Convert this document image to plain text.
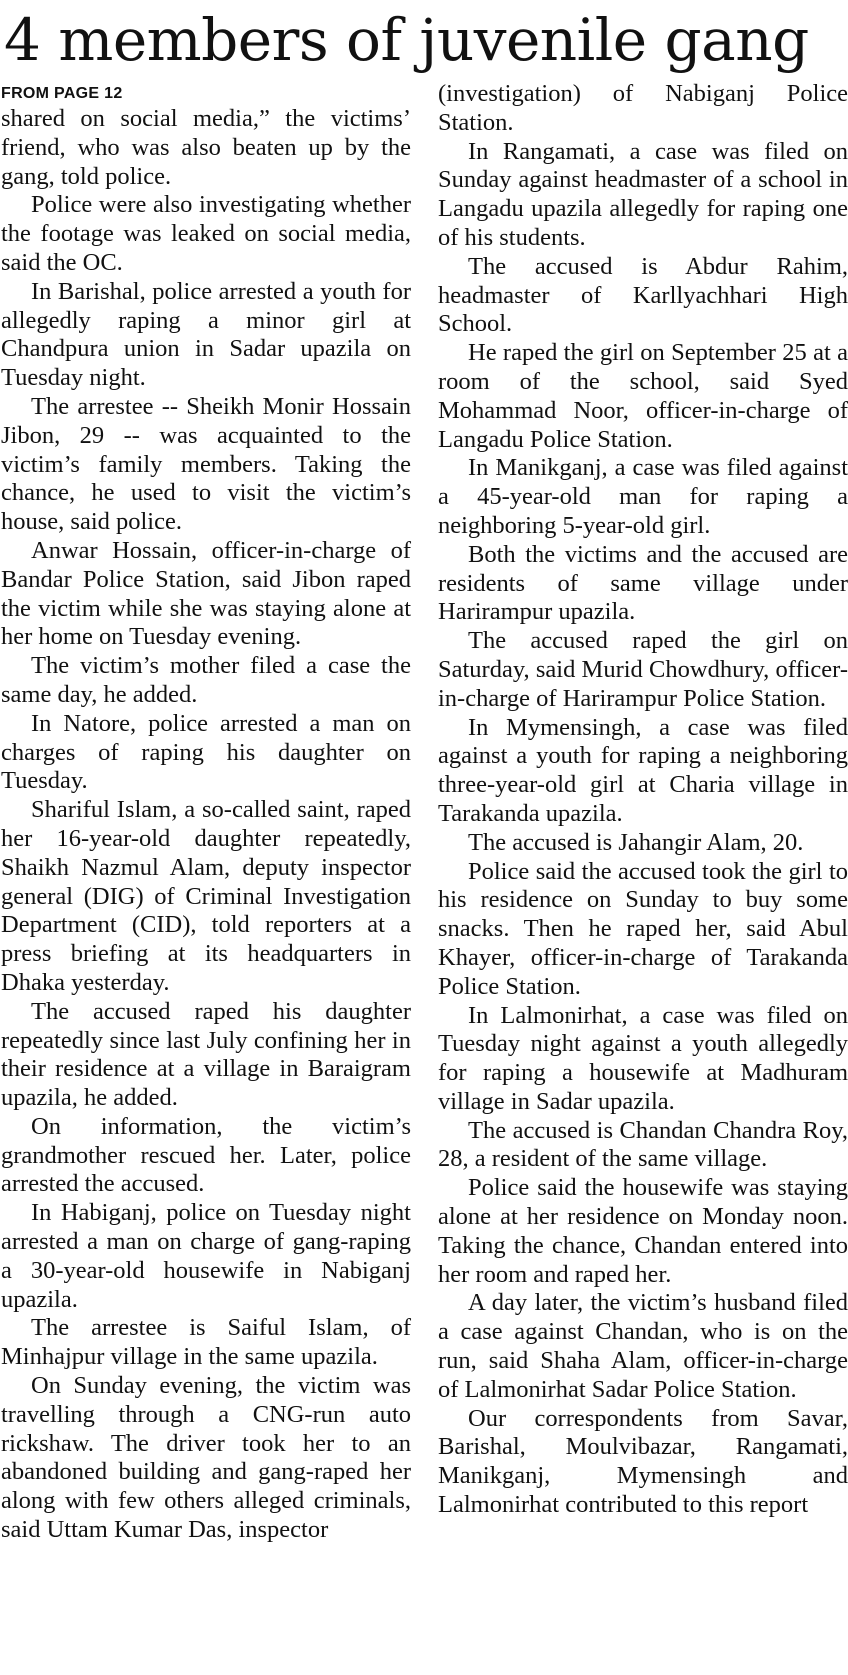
4 members of juvenile gang
FROM PAGE 12

shared on social media,” the victims’ friend, who was also beaten up by the gang, told police.

Police were also investigating whether the footage was leaked on social media, said the OC.

In Barishal, police arrested a youth for allegedly raping a minor girl at Chandpura union in Sadar upazila on Tuesday night.

The arrestee -- Sheikh Monir Hossain Jibon, 29 -- was acquainted to the victim’s family members. Taking the chance, he used to visit the victim’s house, said police.

Anwar Hossain, officer-in-charge of Bandar Police Station, said Jibon raped the victim while she was staying alone at her home on Tuesday evening.

The victim’s mother filed a case the same day, he added.

In Natore, police arrested a man on charges of raping his daughter on Tuesday.

Shariful Islam, a so-called saint, raped her 16-year-old daughter repeatedly, Shaikh Nazmul Alam, deputy inspector general (DIG) of Criminal Investigation Department (CID), told reporters at a press briefing at its headquarters in Dhaka yesterday.

The accused raped his daughter repeatedly since last July confining her in their residence at a village in Baraigram upazila, he added.

On information, the victim’s grandmother rescued her. Later, police arrested the accused.

In Habiganj, police on Tuesday night arrested a man on charge of gang-raping a 30-year-old housewife in Nabiganj upazila.

The arrestee is Saiful Islam, of Minhajpur village in the same upazila.

On Sunday evening, the victim was travelling through a CNG-run auto rickshaw. The driver took her to an abandoned building and gang-raped her along with few others alleged criminals, said Uttam Kumar Das, inspector

(investigation) of Nabiganj Police Station.

In Rangamati, a case was filed on Sunday against headmaster of a school in Langadu upazila allegedly for raping one of his students.

The accused is Abdur Rahim, headmaster of Karllyachhari High School.

He raped the girl on September 25 at a room of the school, said Syed Mohammad Noor, officer-in-charge of Langadu Police Station.

In Manikganj, a case was filed against a 45-year-old man for raping a neighboring 5-year-old girl.

Both the victims and the accused are residents of same village under Harirampur upazila.

The accused raped the girl on Saturday, said Murid Chowdhury, officer-in-charge of Harirampur Police Station.

In Mymensingh, a case was filed against a youth for raping a neighboring three-year-old girl at Charia village in Tarakanda upazila.

The accused is Jahangir Alam, 20.

Police said the accused took the girl to his residence on Sunday to buy some snacks. Then he raped her, said Abul Khayer, officer-in-charge of Tarakanda Police Station.

In Lalmonirhat, a case was filed on Tuesday night against a youth allegedly for raping a housewife at Madhuram village in Sadar upazila.

The accused is Chandan Chandra Roy, 28, a resident of the same village.

Police said the housewife was staying alone at her residence on Monday noon. Taking the chance, Chandan entered into her room and raped her.

A day later, the victim’s husband filed a case against Chandan, who is on the run, said Shaha Alam, officer-in-charge of Lalmonirhat Sadar Police Station.

Our correspondents from Savar, Barishal, Moulvibazar, Rangamati, Manikganj, Mymensingh and Lalmonirhat contributed to this report
